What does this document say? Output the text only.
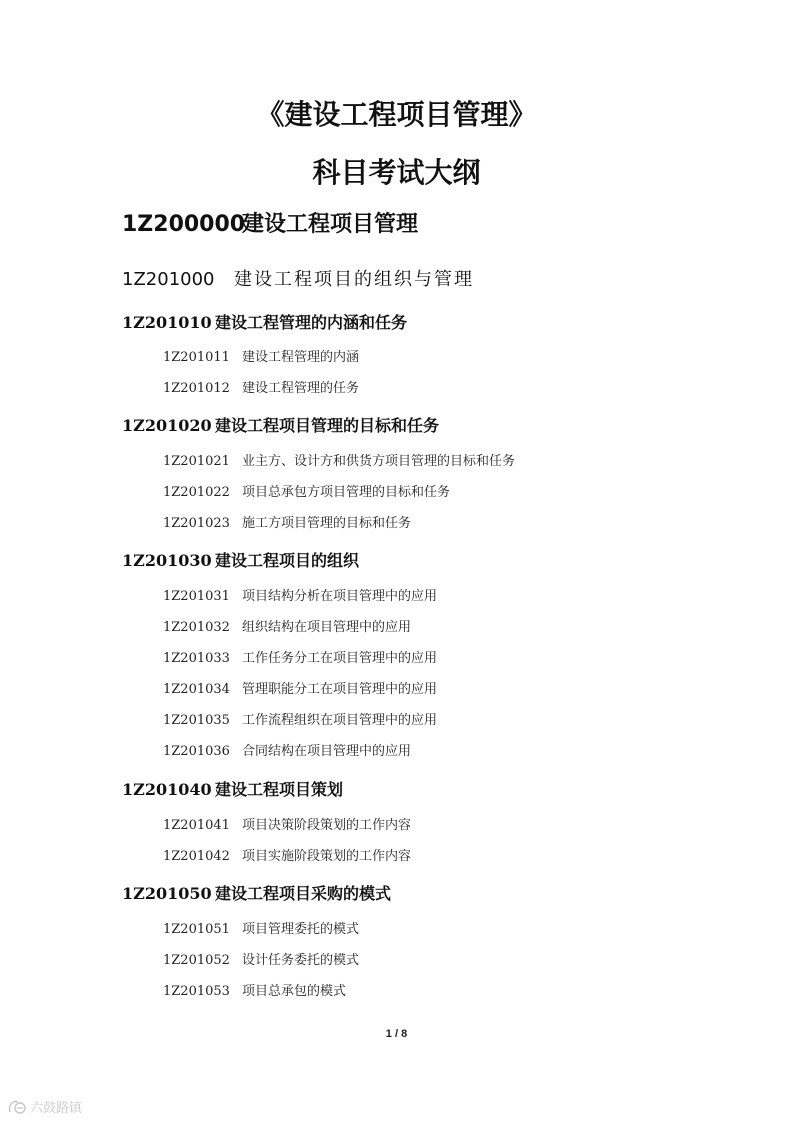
《建设工程项目管理》
科目考试大纲
1Z200000建设工程项目管理
1Z201000 建设工程项目的组织与管理
1Z201010 建设工程管理的内涵和任务
1Z201011 建设工程管理的内涵
1Z201012 建设工程管理的任务
1Z201020 建设工程项目管理的目标和任务
1Z201021 业主方、设计方和供货方项目管理的目标和任务
1Z201022 项目总承包方项目管理的目标和任务
1Z201023 施工方项目管理的目标和任务
1Z201030 建设工程项目的组织
1Z201031 项目结构分析在项目管理中的应用
1Z201032 组织结构在项目管理中的应用
1Z201033 工作任务分工在项目管理中的应用
1Z201034 管理职能分工在项目管理中的应用
1Z201035 工作流程组织在项目管理中的应用
1Z201036 合同结构在项目管理中的应用
1Z201040 建设工程项目策划
1Z201041 项目决策阶段策划的工作内容
1Z201042 项目实施阶段策划的工作内容
1Z201050 建设工程项目采购的模式
1Z201051 项目管理委托的模式
1Z201052 设计任务委托的模式
1Z201053 项目总承包的模式
1 / 8
六鼓路镇
